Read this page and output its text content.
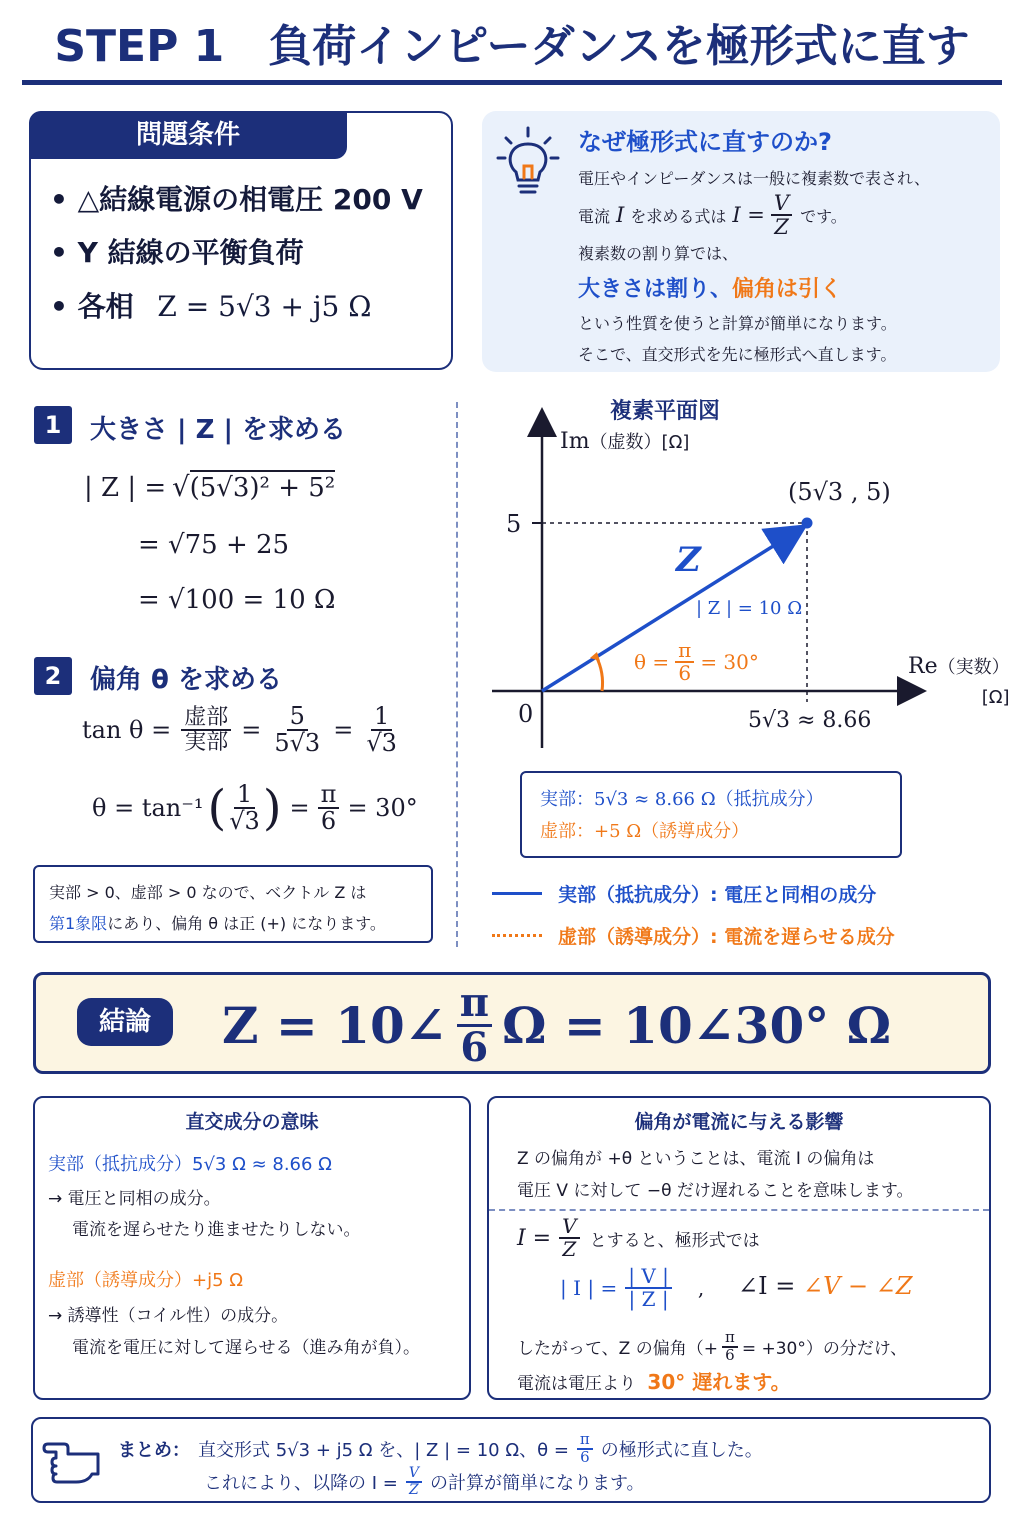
STEP 1　負荷インピーダンスを極形式に直す
問題条件
• △結線電源の相電圧 200 V
• Y 結線の平衡負荷
• 各相 Z = 5√3 + j5 Ω
なぜ極形式に直すのか?
電圧やインピーダンスは一般に複素数で表され、
電流 I を求める式は $I = \frac{V}{Z}$ です。
複素数の割り算では、
大きさは割り、偏角は引く
という性質を使うと計算が簡単になります。
そこで、直交形式を先に極形式へ直します。
1	大きさ | Z | を求める
| Z | = √ (5√3)² + 5²
= √75 + 25
= √100 = 10 Ω
2	偏角 θ を求める
$\tan \theta = \frac{\text{虚部}}{\text{実部}} = \frac{5}{5√3} = \frac{1}{√3}$
θ = tan⁻¹ ( $\frac{1}{√3}$ ) = $\frac{\pi}{6} = 30^\circ$
実部 > 0、虚部 > 0 なので、ベクトル Z は
第1象限にあり、偏角 θ は正 (+) になります。
複素平面図
Im（虚数）[Ω]
5
(5√3 , 5)
Z
| Z | = 10 Ω
$\theta = \frac{\pi}{6} = 30^\circ$
0	5√3 ≈ 8.66
Re（実数）
[Ω]
実部：5√3 ≈ 8.66 Ω（抵抗成分）
虚部：+5 Ω（誘導成分）
実部（抵抗成分）: 電圧と同相の成分
虚部（誘導成分）: 電流を遅らせる成分
結論	Z = 10∠ $\frac{\pi}{6}$ Ω = 10∠30° Ω
直交成分の意味
実部（抵抗成分）5√3 Ω ≈ 8.66 Ω
→ 電圧と同相の成分。
電流を遅らせたり進ませたりしない。
虚部（誘導成分）+j5 Ω
→ 誘導性（コイル性）の成分。
電流を電圧に対して遅らせる（進み角が負）。
偏角が電流に与える影響
Z の偏角が +θ ということは、電流 I の偏角は
電圧 V に対して −θ だけ遅れることを意味します。
$I = \frac{V}{Z}$ とすると、極形式では
| I | = $\frac{| V |}{| Z |}$ , ∠I = ∠V − ∠Z
したがって、Z の偏角（+ $\frac{\pi}{6} = +30^\circ$）の分だけ、
電流は電圧より 30° 遅れます。
まとめ： 直交形式 5√3 + j5 Ω を、| Z | = 10 Ω、$\theta = \frac{\pi}{6}$ の極形式に直した。
これにより、以降の $I = \frac{V}{Z}$ の計算が簡単になります。
